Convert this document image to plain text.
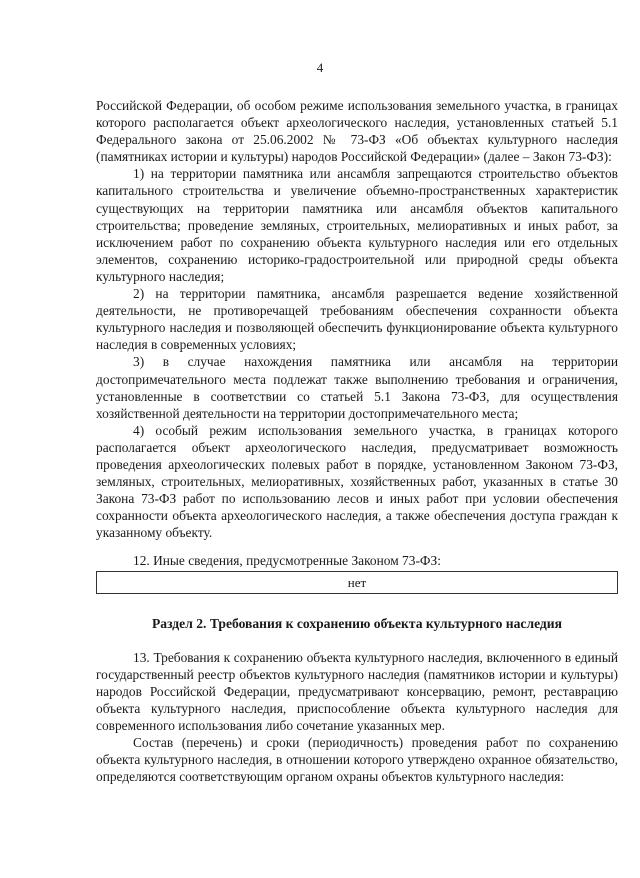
4

Российской Федерации, об особом режиме использования земельного участка, в границах которого располагается объект археологического наследия, установленных статьей 5.1 Федерального закона от 25.06.2002 № 73-ФЗ «Об объектах культурного наследия (памятниках истории и культуры) народов Российской Федерации» (далее – Закон 73-ФЗ):

1) на территории памятника или ансамбля запрещаются строительство объектов капитального строительства и увеличение объемно-пространственных характеристик существующих на территории памятника или ансамбля объектов капитального строительства; проведение земляных, строительных, мелиоративных и иных работ, за исключением работ по сохранению объекта культурного наследия или его отдельных элементов, сохранению историко-градостроительной или природной среды объекта культурного наследия;

2) на территории памятника, ансамбля разрешается ведение хозяйственной деятельности, не противоречащей требованиям обеспечения сохранности объекта культурного наследия и позволяющей обеспечить функционирование объекта культурного наследия в современных условиях;

3) в случае нахождения памятника или ансамбля на территории достопримечательного места подлежат также выполнению требования и ограничения, установленные в соответствии со статьей 5.1 Закона 73-ФЗ, для осуществления хозяйственной деятельности на территории достопримечательного места;

4) особый режим использования земельного участка, в границах которого располагается объект археологического наследия, предусматривает возможность проведения археологических полевых работ в порядке, установленном Законом 73-ФЗ, земляных, строительных, мелиоративных, хозяйственных работ, указанных в статье 30 Закона 73-ФЗ работ по использованию лесов и иных работ при условии обеспечения сохранности объекта археологического наследия, а также обеспечения доступа граждан к указанному объекту.

12. Иные сведения, предусмотренные Законом 73-ФЗ:

нет

Раздел 2. Требования к сохранению объекта культурного наследия

13. Требования к сохранению объекта культурного наследия, включенного в единый государственный реестр объектов культурного наследия (памятников истории и культуры) народов Российской Федерации, предусматривают консервацию, ремонт, реставрацию объекта культурного наследия, приспособление объекта культурного наследия для современного использования либо сочетание указанных мер.

Состав (перечень) и сроки (периодичность) проведения работ по сохранению объекта культурного наследия, в отношении которого утверждено охранное обязательство, определяются соответствующим органом охраны объектов культурного наследия:
